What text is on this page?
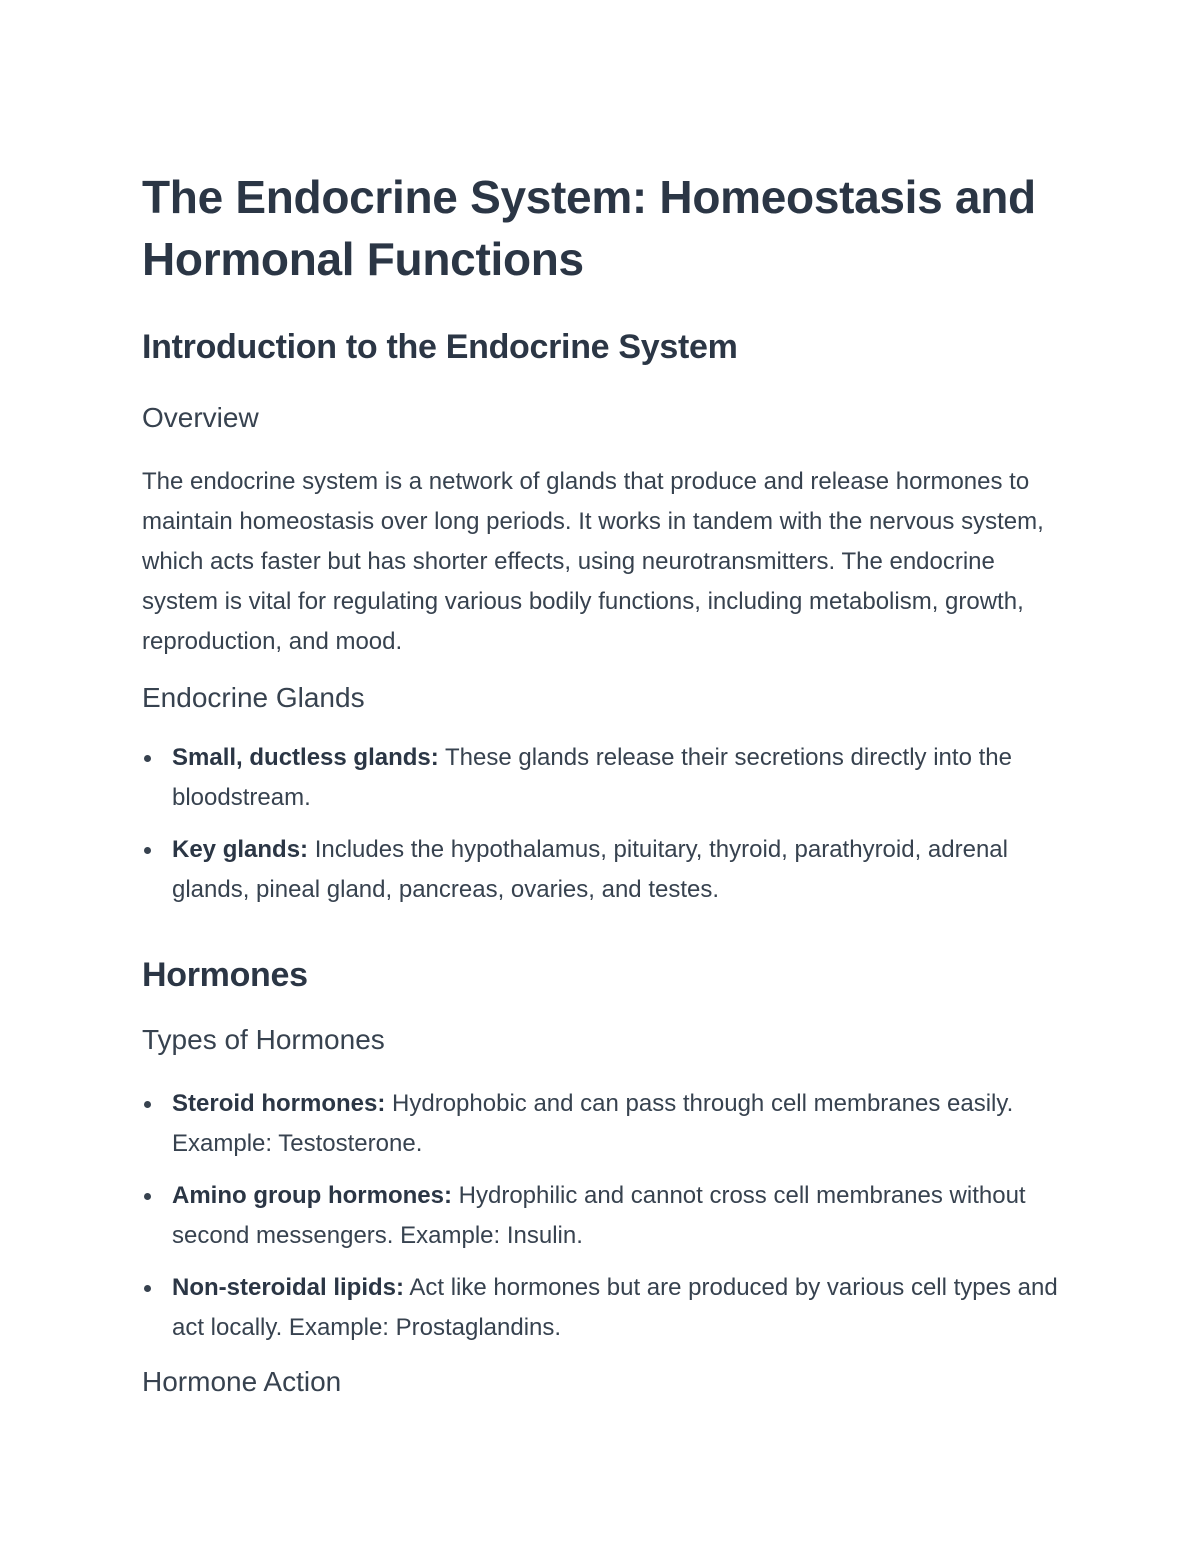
The Endocrine System: Homeostasis and Hormonal Functions
Introduction to the Endocrine System
Overview

The endocrine system is a network of glands that produce and release hormones to maintain homeostasis over long periods. It works in tandem with the nervous system, which acts faster but has shorter effects, using neurotransmitters. The endocrine system is vital for regulating various bodily functions, including metabolism, growth, reproduction, and mood.

Endocrine Glands
Small, ductless glands: These glands release their secretions directly into the bloodstream.
Key glands: Includes the hypothalamus, pituitary, thyroid, parathyroid, adrenal glands, pineal gland, pancreas, ovaries, and testes.
Hormones
Types of Hormones
Steroid hormones: Hydrophobic and can pass through cell membranes easily. Example: Testosterone.
Amino group hormones: Hydrophilic and cannot cross cell membranes without second messengers. Example: Insulin.
Non-steroidal lipids: Act like hormones but are produced by various cell types and act locally. Example: Prostaglandins.
Hormone Action
